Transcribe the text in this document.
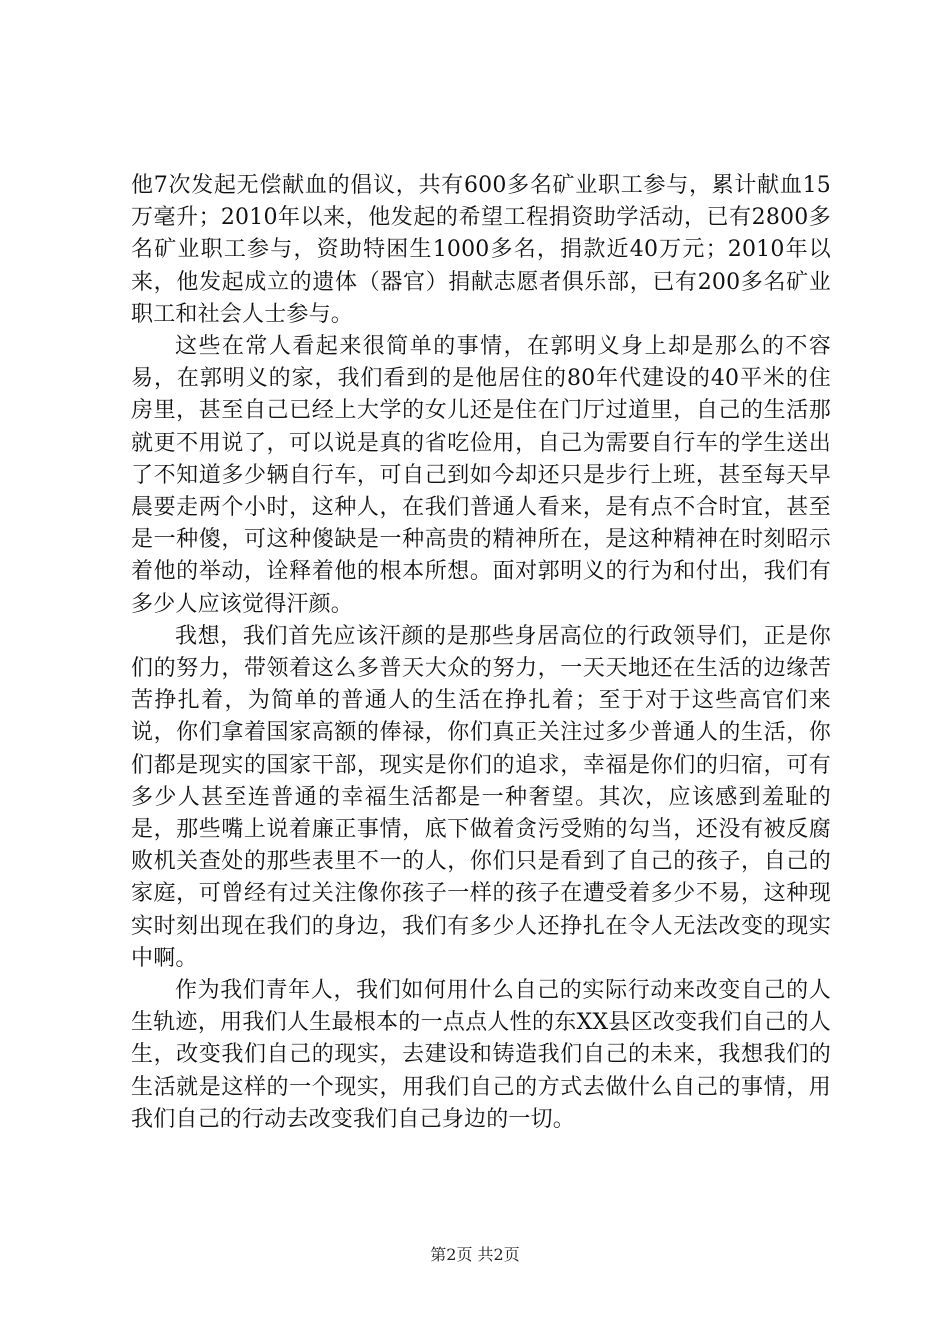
他7次发起无偿献血的倡议，共有600多名矿业职工参与，累计献血15万毫升；2010年以来，他发起的希望工程捐资助学活动，已有2800多名矿业职工参与，资助特困生1000多名，捐款近40万元；2010年以来，他发起成立的遗体（器官）捐献志愿者俱乐部，已有200多名矿业职工和社会人士参与。

这些在常人看起来很简单的事情，在郭明义身上却是那么的不容易，在郭明义的家，我们看到的是他居住的80年代建设的40平米的住房里，甚至自己已经上大学的女儿还是住在门厅过道里，自己的生活那就更不用说了，可以说是真的省吃俭用，自己为需要自行车的学生送出了不知道多少辆自行车，可自己到如今却还只是步行上班，甚至每天早晨要走两个小时，这种人，在我们普通人看来，是有点不合时宜，甚至是一种傻，可这种傻缺是一种高贵的精神所在，是这种精神在时刻昭示着他的举动，诠释着他的根本所想。面对郭明义的行为和付出，我们有多少人应该觉得汗颜。

我想，我们首先应该汗颜的是那些身居高位的行政领导们，正是你们的努力，带领着这么多普天大众的努力，一天天地还在生活的边缘苦苦挣扎着，为简单的普通人的生活在挣扎着；至于对于这些高官们来说，你们拿着国家高额的俸禄，你们真正关注过多少普通人的生活，你们都是现实的国家干部，现实是你们的追求，幸福是你们的归宿，可有多少人甚至连普通的幸福生活都是一种奢望。其次，应该感到羞耻的是，那些嘴上说着廉正事情，底下做着贪污受贿的勾当，还没有被反腐败机关查处的那些表里不一的人，你们只是看到了自己的孩子，自己的家庭，可曾经有过关注像你孩子一样的孩子在遭受着多少不易，这种现实时刻出现在我们的身边，我们有多少人还挣扎在令人无法改变的现实中啊。

作为我们青年人，我们如何用什么自己的实际行动来改变自己的人生轨迹，用我们人生最根本的一点点人性的东XX县区改变我们自己的人生，改变我们自己的现实，去建设和铸造我们自己的未来，我想我们的生活就是这样的一个现实，用我们自己的方式去做什么自己的事情，用我们自己的行动去改变我们自己身边的一切。

第2页 共2页
